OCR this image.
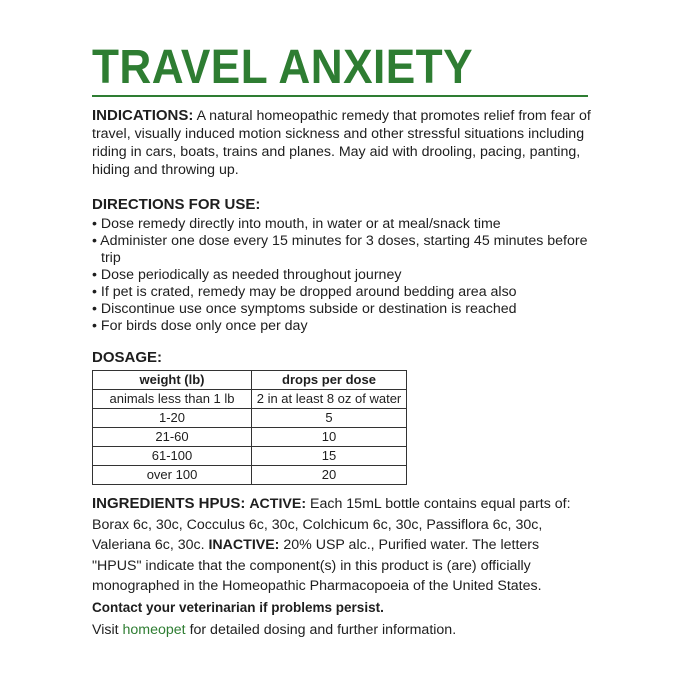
TRAVEL ANXIETY
INDICATIONS: A natural homeopathic remedy that promotes relief from fear of travel, visually induced motion sickness and other stressful situations including riding in cars, boats, trains and planes. May aid with drooling, pacing, panting, hiding and throwing up.
DIRECTIONS FOR USE:
• Dose remedy directly into mouth, in water or at meal/snack time
• Administer one dose every 15 minutes for 3 doses, starting 45 minutes before trip
• Dose periodically as needed throughout journey
• If pet is crated, remedy may be dropped around bedding area also
• Discontinue use once symptoms subside or destination is reached
• For birds dose only once per day
DOSAGE:
weight (lb)	drops per dose
animals less than 1 lb	2 in at least 8 oz of water
1-20	5
21-60	10
61-100	15
over 100	20
INGREDIENTS HPUS: ACTIVE: Each 15mL bottle contains equal parts of: Borax 6c, 30c, Cocculus 6c, 30c, Colchicum 6c, 30c, Passiflora 6c, 30c, Valeriana 6c, 30c. INACTIVE: 20% USP alc., Purified water. The letters "HPUS" indicate that the component(s) in this product is (are) officially monographed in the Homeopathic Pharmacopoeia of the United States.
Contact your veterinarian if problems persist.
Visit homeopet for detailed dosing and further information.
